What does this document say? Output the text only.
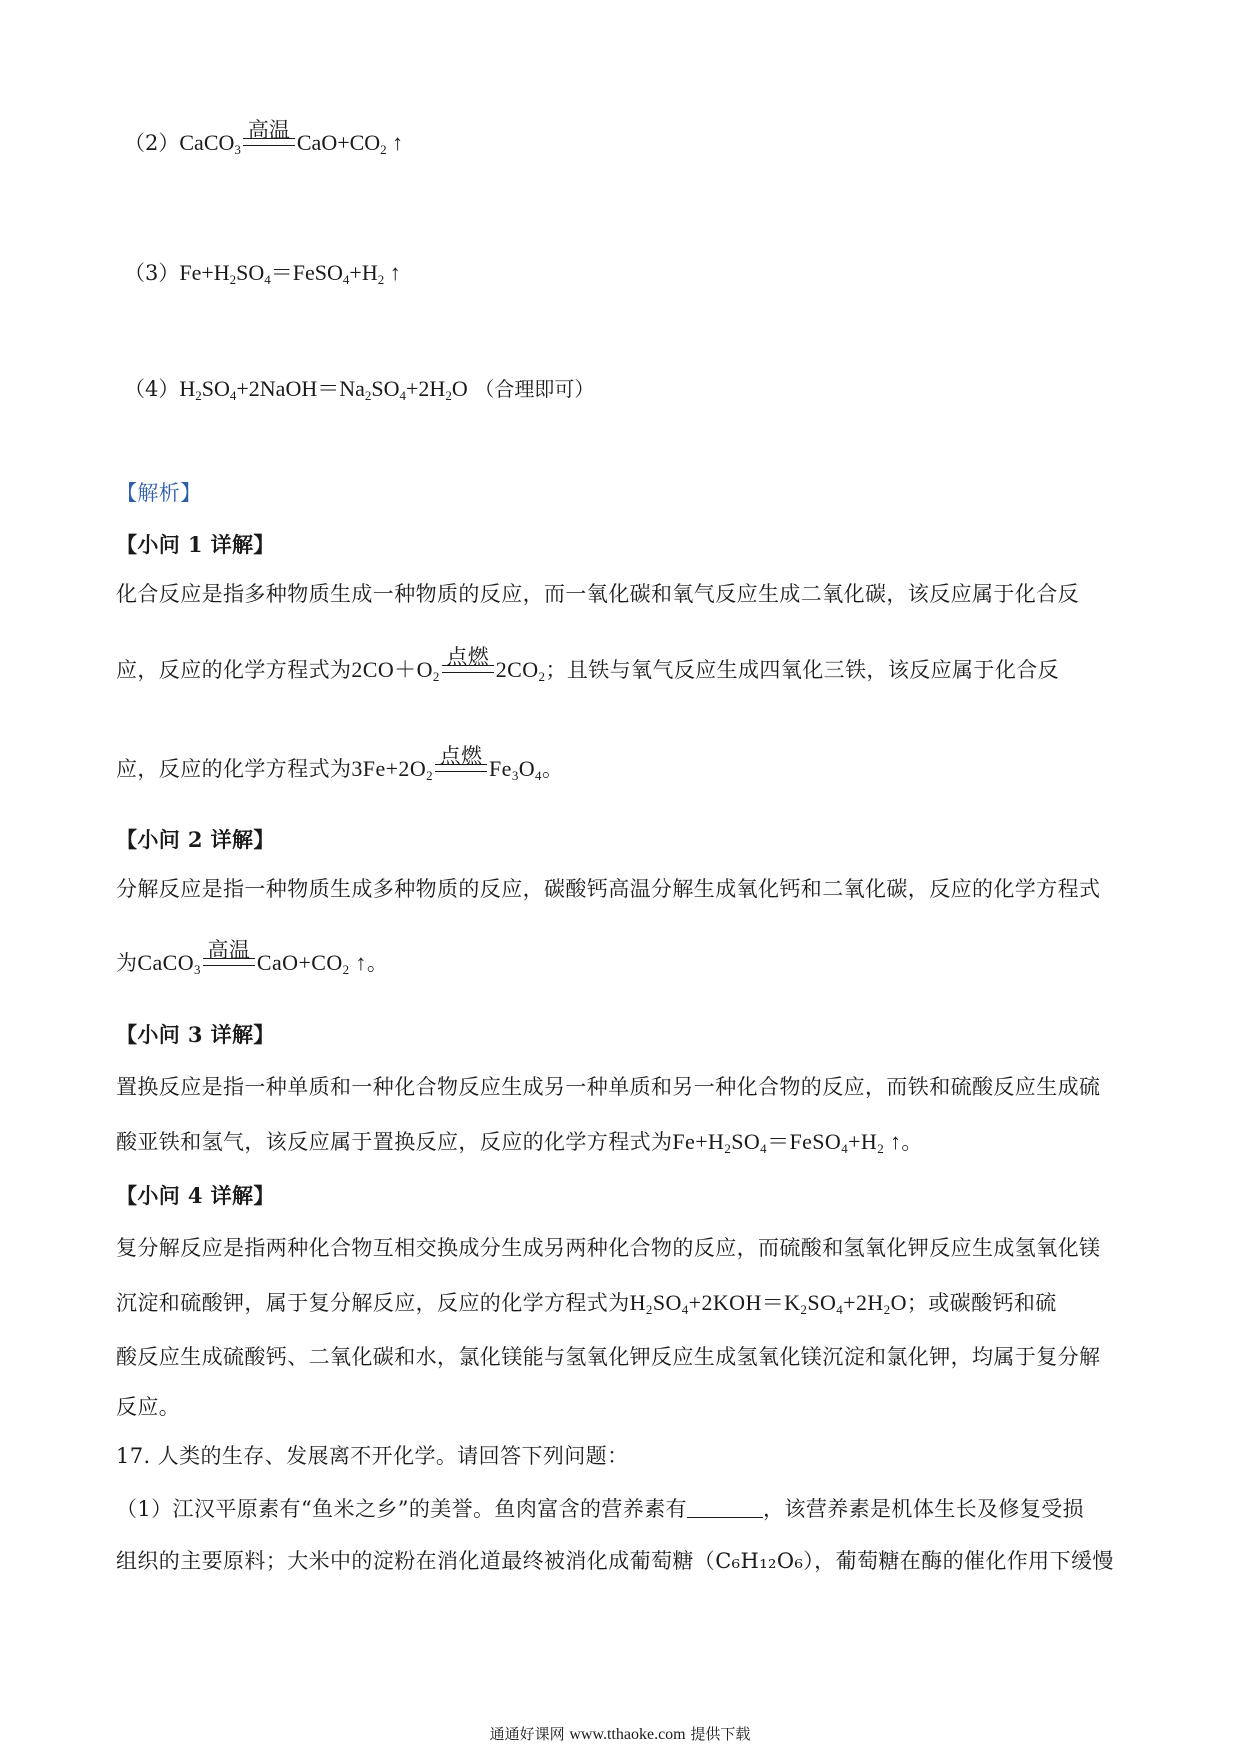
（2）CaCO$_3$
高温 $CaO+CO_2$ ↑
$(3)Fe+H_2SO_4=FeSO_4+H_2$ ↑
$(4)H_2SO_4+2NaOH=Na_2SO_4+2H_2O$ （合理即可）
【解析】
【小问 1 详解】
化合反应是指多种物质生成一种物质的反应，而一氧化碳和氧气反应生成二氧化碳，该反应属于化合反
应，反应的化学方程式为$2CO+O_2$
点燃 $2CO_2$；且铁与氧气反应生成四氧化三铁，该反应属于化合反
应，反应的化学方程式为$3Fe+2O_2$
点燃 $Fe_3O_4$。
【小问 2 详解】
分解反应是指一种物质生成多种物质的反应，碳酸钙高温分解生成氧化钙和二氧化碳，反应的化学方程式
为CaCO$_3$
高温 $CaO+CO_2$ ↑。
【小问 3 详解】
置换反应是指一种单质和一种化合物反应生成另一种单质和另一种化合物的反应，而铁和硫酸反应生成硫
酸亚铁和氢气，该反应属于置换反应，反应的化学方程式为$Fe+H_2SO_4=FeSO_4+H_2$ ↑。
【小问 4 详解】
复分解反应是指两种化合物互相交换成分生成另两种化合物的反应，而硫酸和氢氧化钾反应生成氢氧化镁
沉淀和硫酸钾，属于复分解反应，反应的化学方程式为$H_2SO_4+2KOH=K_2SO_4+2H_2O$；或碳酸钙和硫
酸反应生成硫酸钙、二氧化碳和水，氯化镁能与氢氧化钾反应生成氢氧化镁沉淀和氯化钾，均属于复分解
反应。
17. 人类的生存、发展离不开化学。请回答下列问题：
（1）江汉平原素有“鱼米之乡”的美誉。鱼肉富含的营养素有	，该营养素是机体生长及修复受损
组织的主要原料；大米中的淀粉在消化道最终被消化成葡萄糖（C₆H₁₂O₆），葡萄糖在酶的催化作用下缓慢
通通好课网 www.tthaoke.com 提供下载
